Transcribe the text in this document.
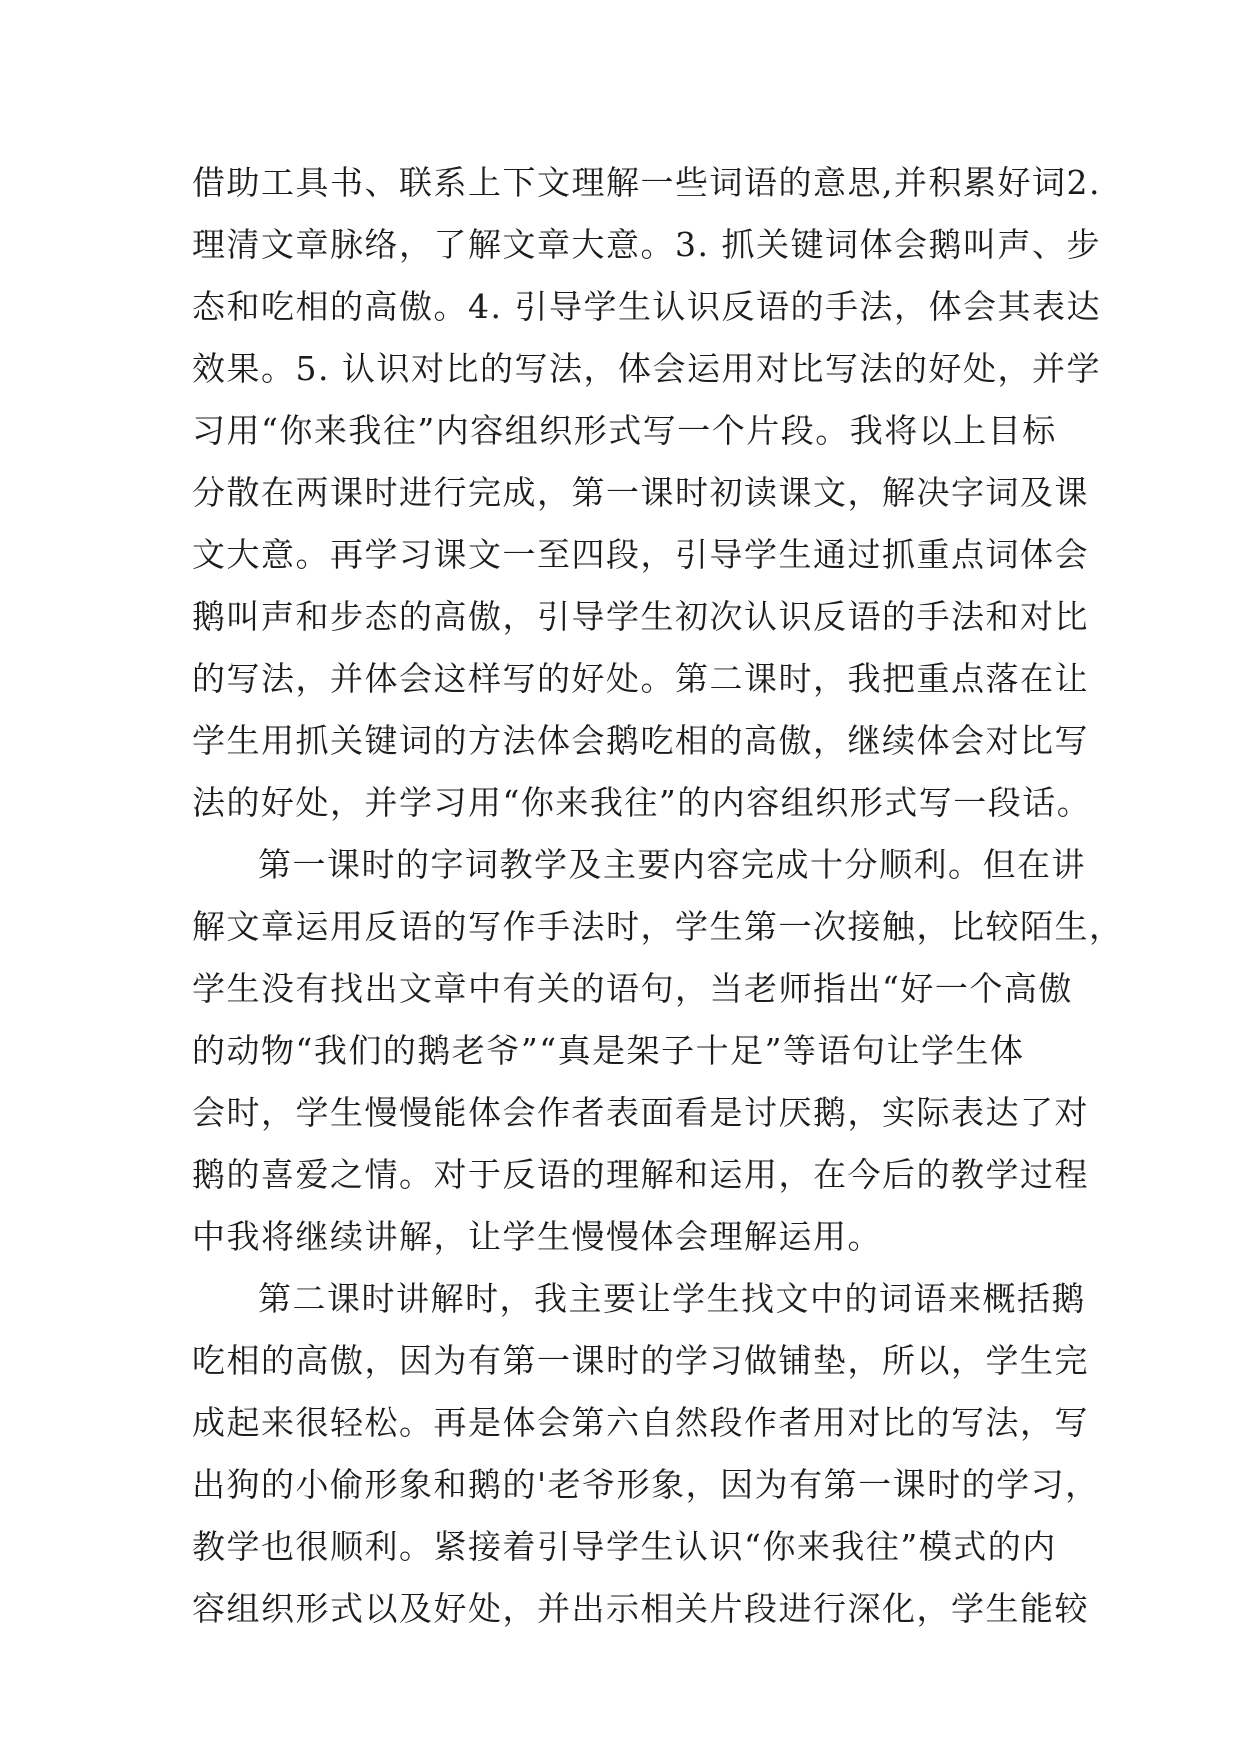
借助工具书、联系上下文理解一些词语的意思,并积累好词2.
理清文章脉络，了解文章大意。3. 抓关键词体会鹅叫声、步
态和吃相的高傲。4. 引导学生认识反语的手法，体会其表达
效果。5. 认识对比的写法，体会运用对比写法的好处，并学
习用“你来我往”内容组织形式写一个片段。我将以上目标
分散在两课时进行完成，第一课时初读课文，解决字词及课
文大意。再学习课文一至四段，引导学生通过抓重点词体会
鹅叫声和步态的高傲，引导学生初次认识反语的手法和对比
的写法，并体会这样写的好处。第二课时，我把重点落在让
学生用抓关键词的方法体会鹅吃相的高傲，继续体会对比写
法的好处，并学习用“你来我往”的内容组织形式写一段话。
第一课时的字词教学及主要内容完成十分顺利。但在讲
解文章运用反语的写作手法时，学生第一次接触，比较陌生，
学生没有找出文章中有关的语句，当老师指出“好一个高傲
的动物“我们的鹅老爷”“真是架子十足”等语句让学生体
会时，学生慢慢能体会作者表面看是讨厌鹅，实际表达了对
鹅的喜爱之情。对于反语的理解和运用，在今后的教学过程
中我将继续讲解，让学生慢慢体会理解运用。
第二课时讲解时，我主要让学生找文中的词语来概括鹅
吃相的高傲，因为有第一课时的学习做铺垫，所以，学生完
成起来很轻松。再是体会第六自然段作者用对比的写法，写
出狗的小偷形象和鹅的'老爷形象，因为有第一课时的学习，
教学也很顺利。紧接着引导学生认识“你来我往”模式的内
容组织形式以及好处，并出示相关片段进行深化，学生能较
